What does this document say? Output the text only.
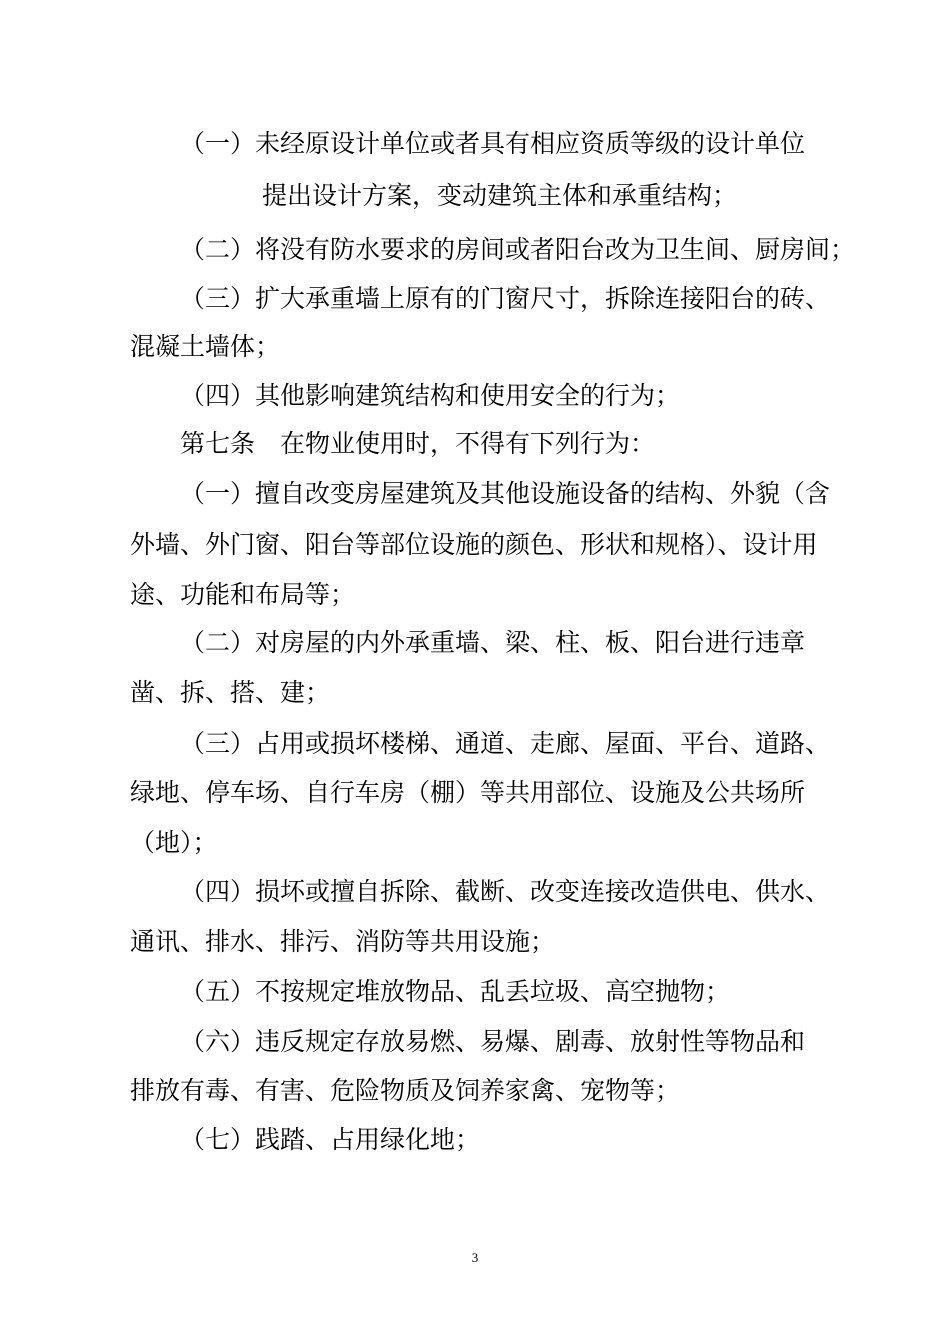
（一）未经原设计单位或者具有相应资质等级的设计单位
提出设计方案，变动建筑主体和承重结构；
（二）将没有防水要求的房间或者阳台改为卫生间、厨房间；
（三）扩大承重墙上原有的门窗尺寸，拆除连接阳台的砖、
混凝土墙体；
（四）其他影响建筑结构和使用安全的行为；
第七条　在物业使用时，不得有下列行为：
（一）擅自改变房屋建筑及其他设施设备的结构、外貌（含
外墙、外门窗、阳台等部位设施的颜色、形状和规格）、设计用
途、功能和布局等；
（二）对房屋的内外承重墙、梁、柱、板、阳台进行违章
凿、拆、搭、建；
（三）占用或损坏楼梯、通道、走廊、屋面、平台、道路、
绿地、停车场、自行车房（棚）等共用部位、设施及公共场所
（地）；
（四）损坏或擅自拆除、截断、改变连接改造供电、供水、
通讯、排水、排污、消防等共用设施；
（五）不按规定堆放物品、乱丢垃圾、高空抛物；
（六）违反规定存放易燃、易爆、剧毒、放射性等物品和
排放有毒、有害、危险物质及饲养家禽、宠物等；
（七）践踏、占用绿化地；
3
